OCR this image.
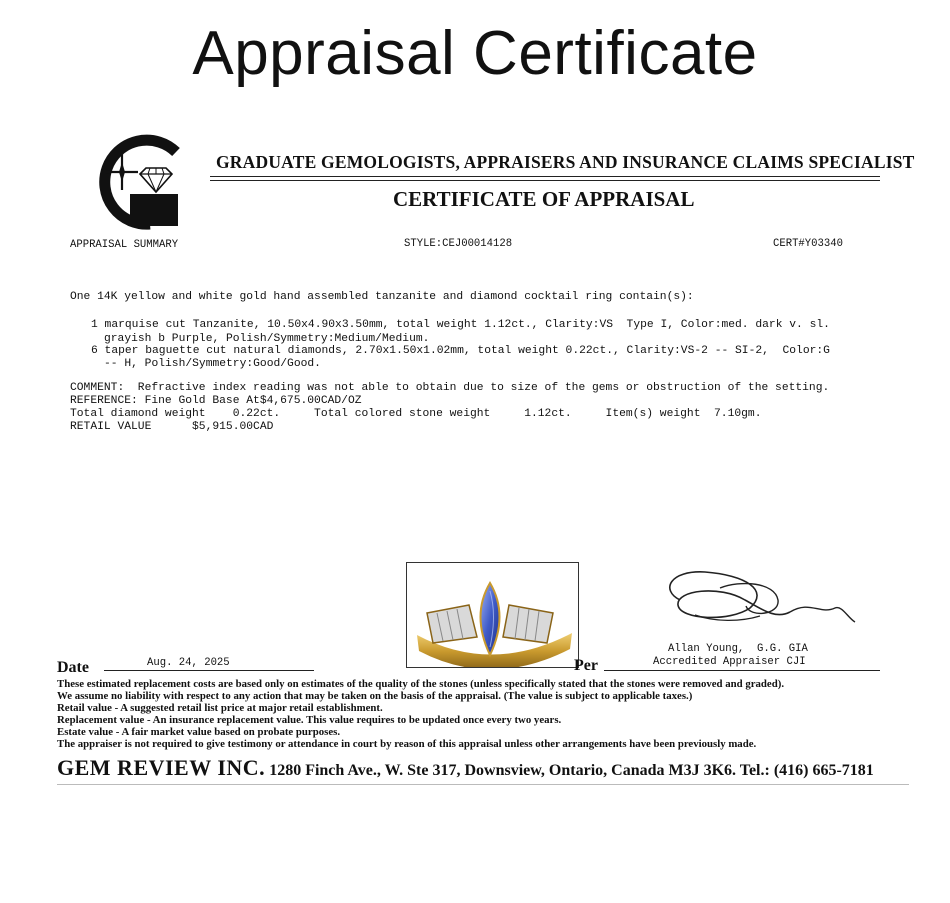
Appraisal Certificate
GRADUATE GEMOLOGISTS, APPRAISERS AND INSURANCE CLAIMS SPECIALIST
CERTIFICATE OF APPRAISAL
APPRAISAL SUMMARY	STYLE:CEJ00014128	CERT#Y03340
One 14K yellow and white gold hand assembled tanzanite and diamond cocktail ring contain(s):
1 marquise cut Tanzanite, 10.50x4.90x3.50mm, total weight 1.12ct., Clarity:VS  Type I, Color:med. dark v. sl.
grayish b Purple, Polish/Symmetry:Medium/Medium.
6 taper baguette cut natural diamonds, 2.70x1.50x1.02mm, total weight 0.22ct., Clarity:VS-2 -- SI-2,  Color:G
-- H, Polish/Symmetry:Good/Good.
COMMENT:  Refractive index reading was not able to obtain due to size of the gems or obstruction of the setting.
REFERENCE: Fine Gold Base At$4,675.00CAD/OZ
Total diamond weight    0.22ct.     Total colored stone weight     1.12ct.     Item(s) weight  7.10gm.
RETAIL VALUE      $5,915.00CAD
Date	Aug. 24, 2025	Per
Allan Young,  G.G. GIA
Accredited Appraiser CJI
These estimated replacement costs are based only on estimates of the quality of the stones (unless specifically stated that the stones were removed and graded).
We assume no liability with respect to any action that may be taken on the basis of the appraisal. (The value is subject to applicable taxes.)
Retail value - A suggested retail list price at major retail establishment.
Replacement value - An insurance replacement value. This value requires to be updated once every two years.
Estate value - A fair market value based on probate purposes.
The appraiser is not required to give testimony or attendance in court by reason of this appraisal unless other arrangements have been previously made.
GEM REVIEW INC. 1280 Finch Ave., W. Ste 317, Downsview, Ontario, Canada M3J 3K6. Tel.: (416) 665-7181
